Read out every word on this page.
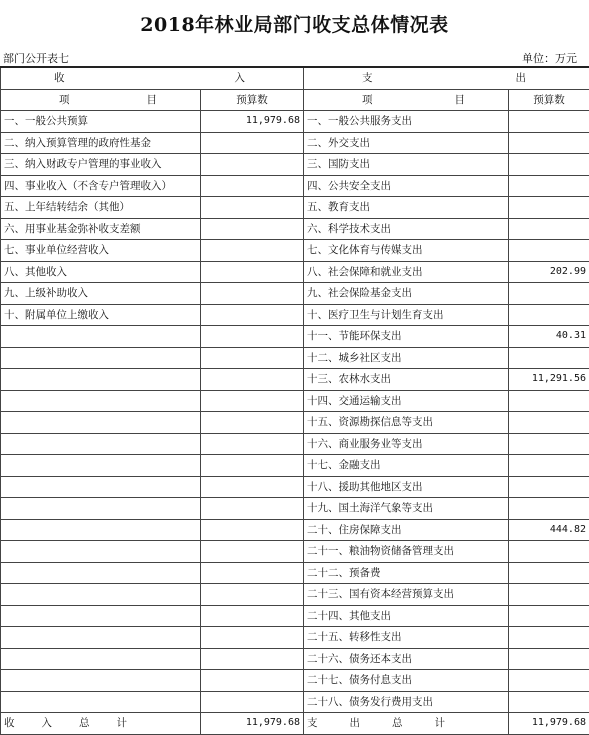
2018年林业局部门收支总体情况表
部门公开表七	单位：万元
收 入		支 出	

项 目	预算数	项 目	预算数
一、一般公共预算	11,979.68	一、一般公共服务支出	
二、纳入预算管理的政府性基金		二、外交支出	
三、纳入财政专户管理的事业收入		三、国防支出	
四、事业收入（不含专户管理收入）		四、公共安全支出	
五、上年结转结余（其他）		五、教育支出	
六、用事业基金弥补收支差额		六、科学技术支出	
七、事业单位经营收入		七、文化体育与传媒支出	
八、其他收入		八、社会保障和就业支出	202.99
九、上级补助收入		九、社会保险基金支出	
十、附属单位上缴收入		十、医疗卫生与计划生育支出	
		十一、节能环保支出	40.31
		十二、城乡社区支出	
		十三、农林水支出	11,291.56
		十四、交通运输支出	
		十五、资源勘探信息等支出	
		十六、商业服务业等支出	
		十七、金融支出	
		十八、援助其他地区支出	
		十九、国土海洋气象等支出	
		二十、住房保障支出	444.82
		二十一、粮油物资储备管理支出	
		二十二、预备费	
		二十三、国有资本经营预算支出	
		二十四、其他支出	
		二十五、转移性支出	
		二十六、债务还本支出	
		二十七、债务付息支出	
		二十八、债务发行费用支出	

收 入 总 计	11,979.68	支 出 总 计	11,979.68
